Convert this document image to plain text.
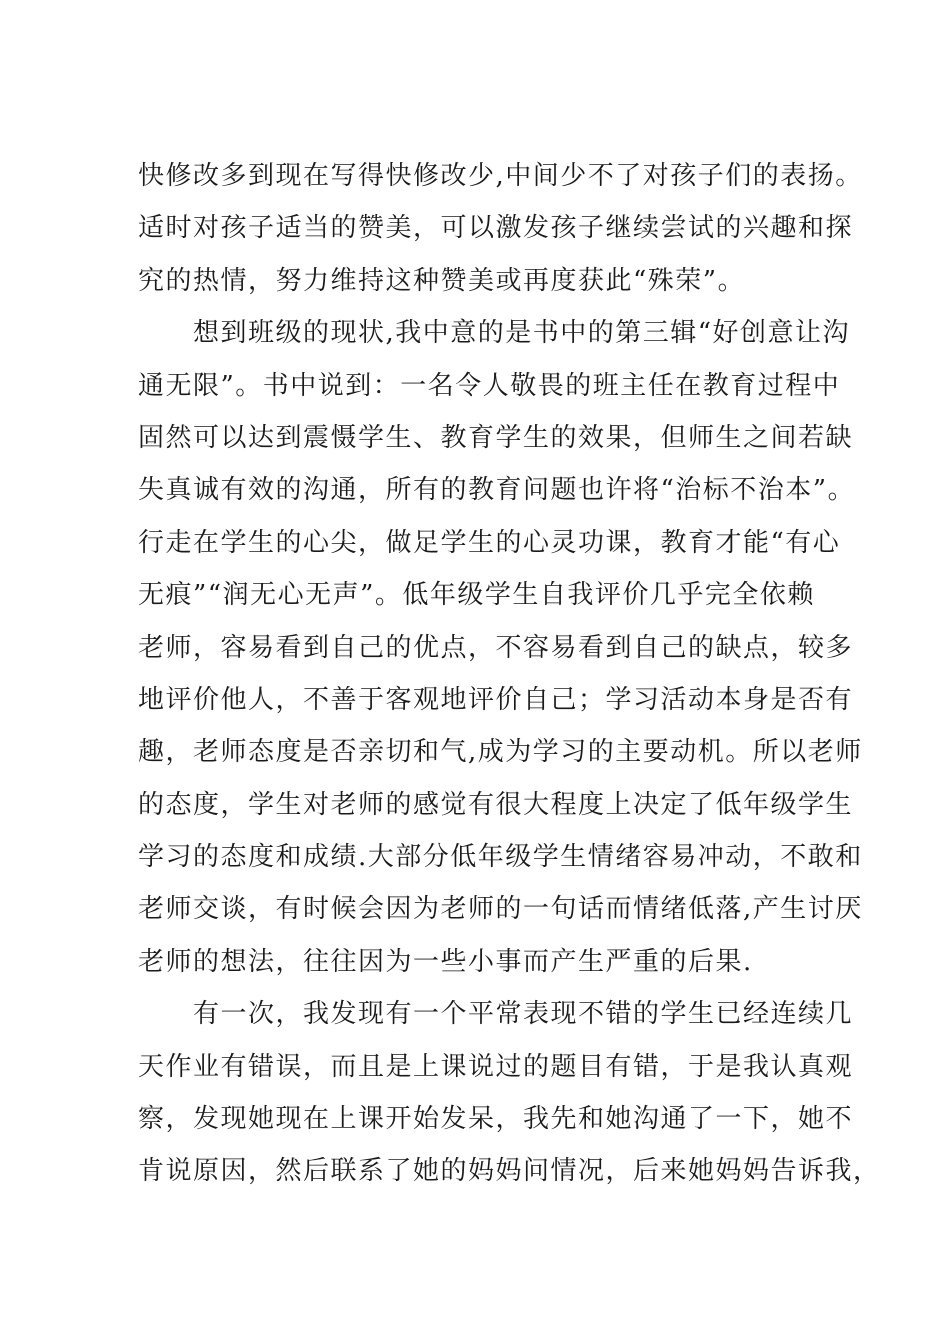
快修改多到现在写得快修改少,中间少不了对孩子们的表扬。
适时对孩子适当的赞美，可以激发孩子继续尝试的兴趣和探
究的热情，努力维持这种赞美或再度获此“殊荣”。
　　想到班级的现状,我中意的是书中的第三辑“好创意让沟
通无限”。书中说到：一名令人敬畏的班主任在教育过程中
固然可以达到震慑学生、教育学生的效果，但师生之间若缺
失真诚有效的沟通，所有的教育问题也许将“治标不治本”。
行走在学生的心尖，做足学生的心灵功课，教育才能“有心
无痕”“润无心无声”。低年级学生自我评价几乎完全依赖
老师，容易看到自己的优点，不容易看到自己的缺点，较多
地评价他人，不善于客观地评价自己；学习活动本身是否有
趣，老师态度是否亲切和气,成为学习的主要动机。所以老师
的态度，学生对老师的感觉有很大程度上决定了低年级学生
学习的态度和成绩.大部分低年级学生情绪容易冲动，不敢和
老师交谈，有时候会因为老师的一句话而情绪低落,产生讨厌
老师的想法，往往因为一些小事而产生严重的后果.
　　有一次，我发现有一个平常表现不错的学生已经连续几
天作业有错误，而且是上课说过的题目有错，于是我认真观
察，发现她现在上课开始发呆，我先和她沟通了一下，她不
肯说原因，然后联系了她的妈妈问情况，后来她妈妈告诉我，
